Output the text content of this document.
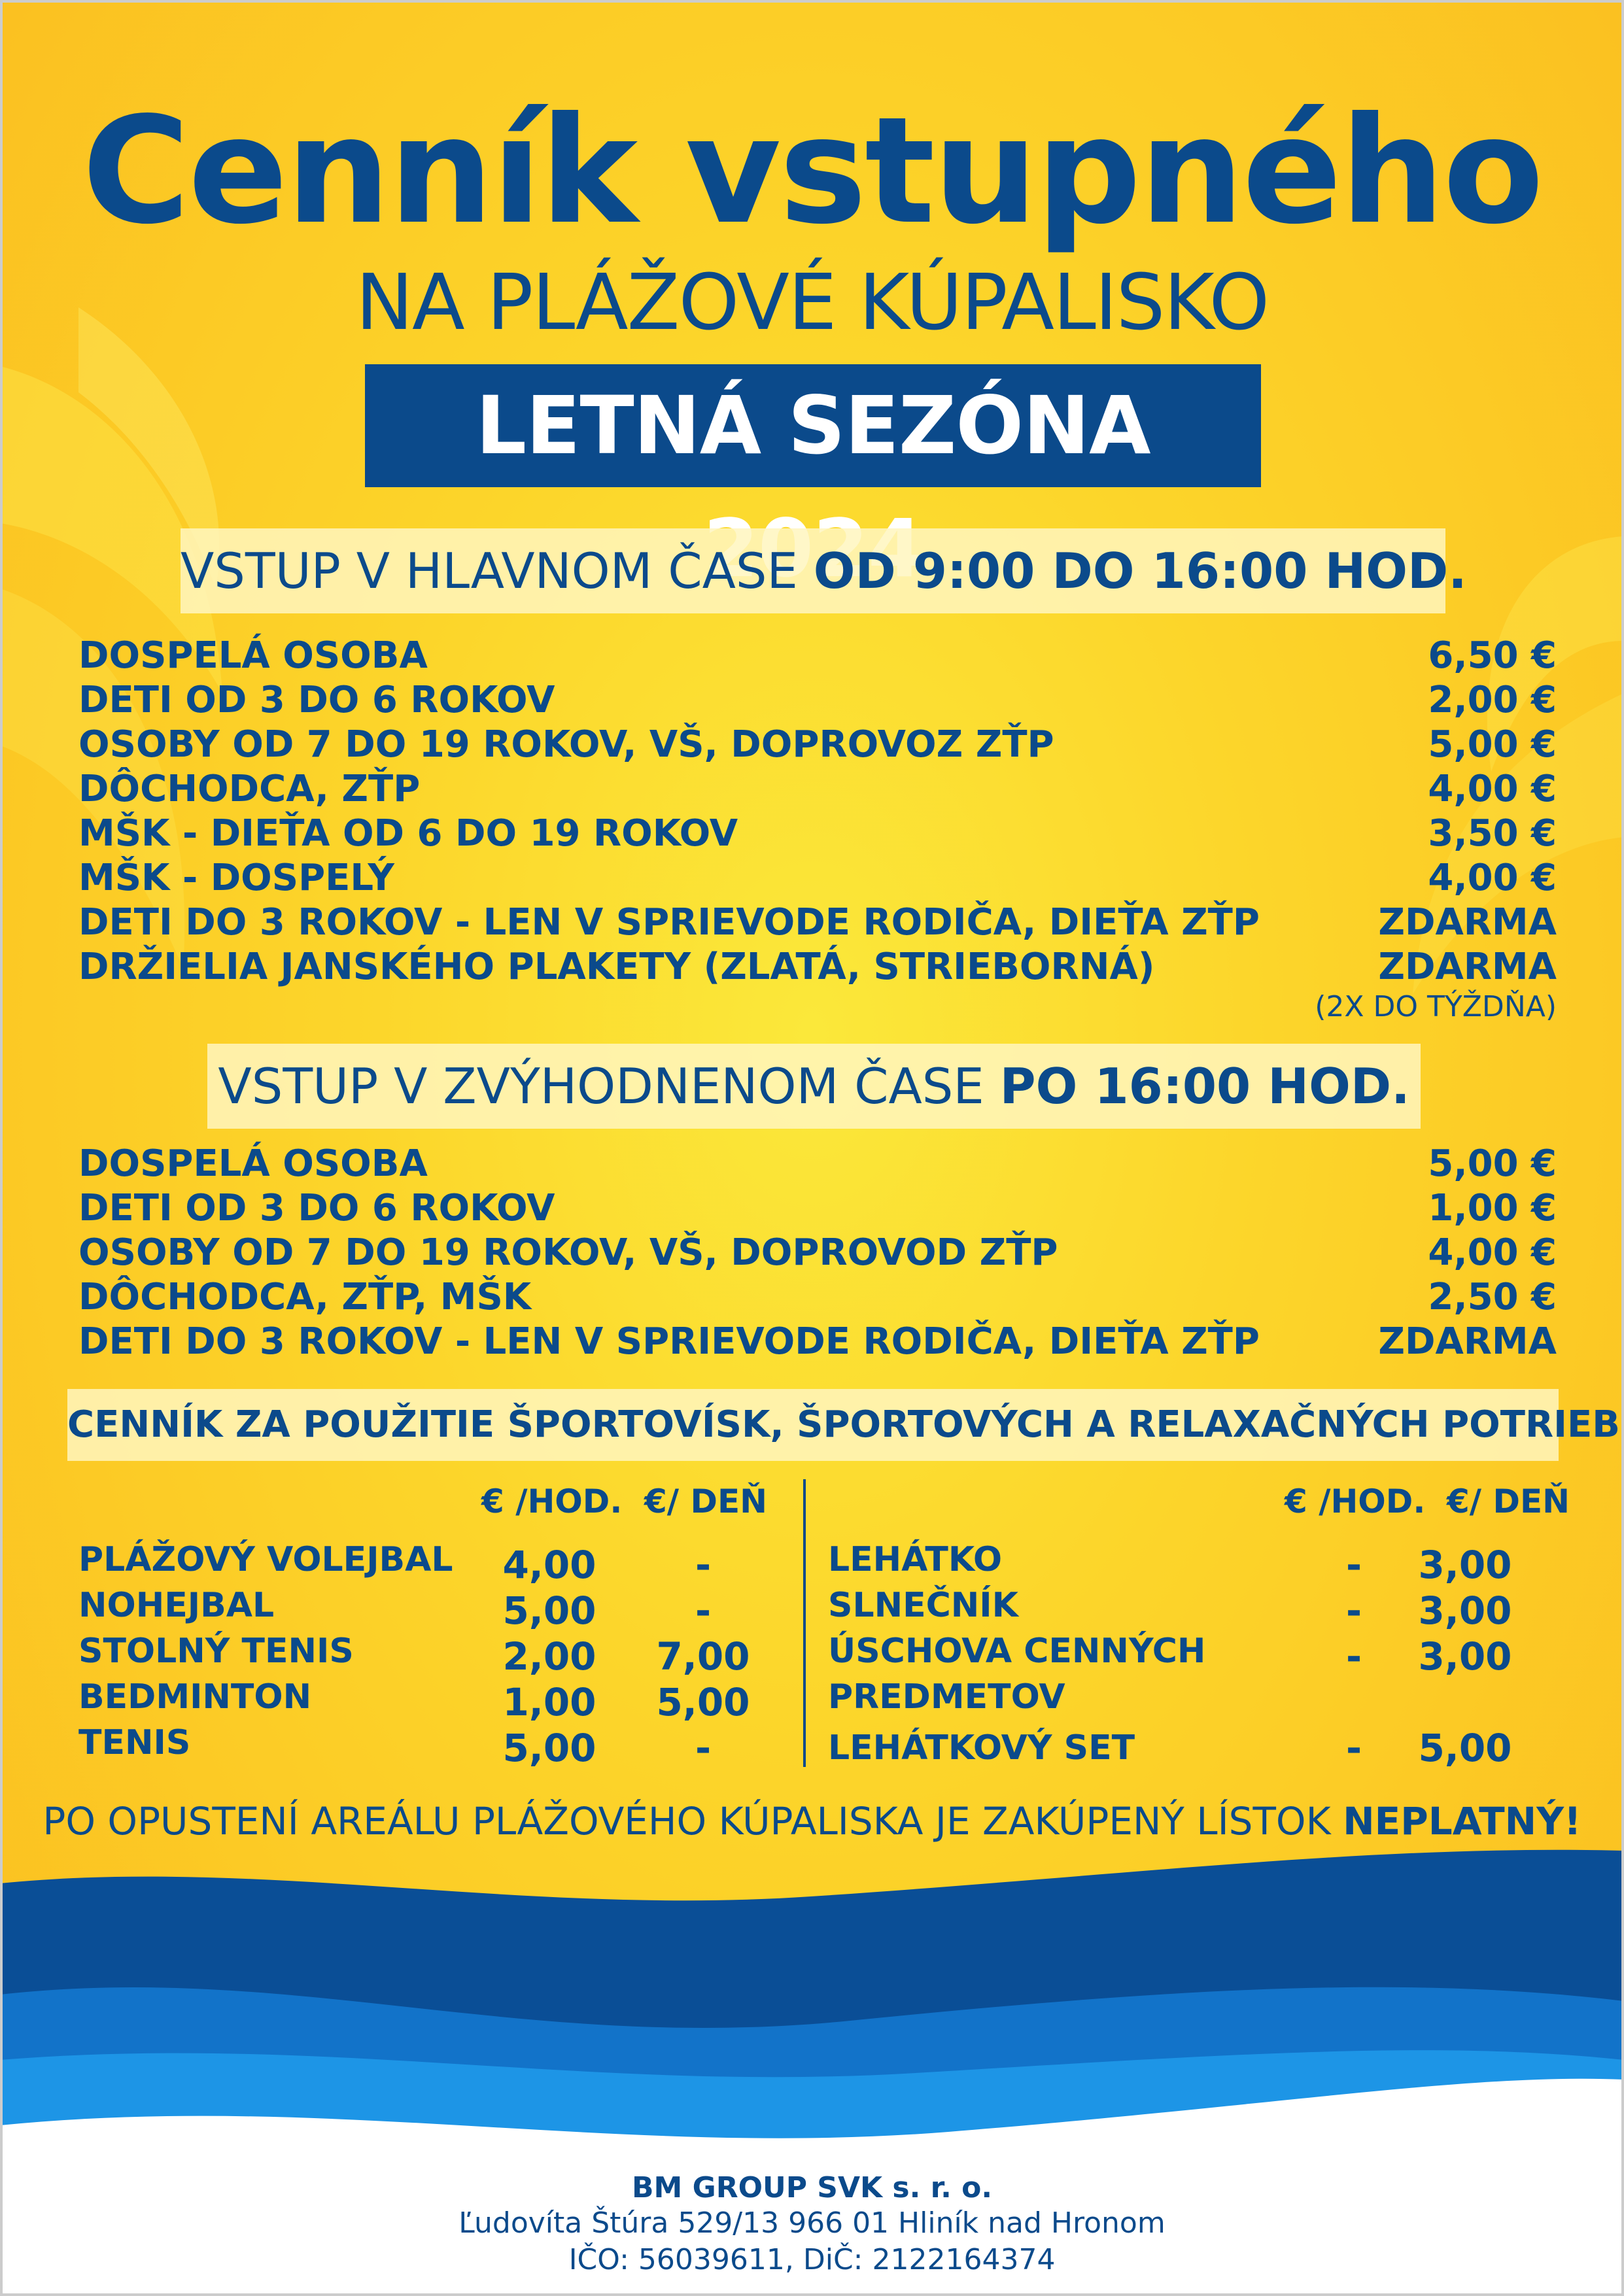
Cenník vstupného
NA PLÁŽOVÉ KÚPALISKO
LETNÁ SEZÓNA
VSTUP V HLAVNOM ČASE OD 9:00 DO 16:00 HOD.
DOSPELÁ OSOBA	6,50 €
DETI OD 3 DO 6 ROKOV	2,00 €
OSOBY OD 7 DO 19 ROKOV, VŠ, DOPROVOZ ZŤP	5,00 €
DÔCHODCA, ZŤP	4,00 €
MŠK - DIEŤA OD 6 DO 19 ROKOV	3,50 €
MŠK - DOSPELÝ	4,00 €
DETI DO 3 ROKOV - LEN V SPRIEVODE RODIČA, DIEŤA ZŤP	ZDARMA
DRŽIELIA JANSKÉHO PLAKETY (ZLATÁ, STRIEBORNÁ)	ZDARMA
(2X DO TÝŽDŇA)
VSTUP V ZVÝHODNENOM ČASE PO 16:00 HOD.
DOSPELÁ OSOBA	5,00 €
DETI OD 3 DO 6 ROKOV	1,00 €
OSOBY OD 7 DO 19 ROKOV, VŠ, DOPROVOD ZŤP	4,00 €
DÔCHODCA, ZŤP, MŠK	2,50 €
DETI DO 3 ROKOV - LEN V SPRIEVODE RODIČA, DIEŤA ZŤP	ZDARMA
CENNÍK ZA POUŽITIE ŠPORTOVÍSK, ŠPORTOVÝCH A RELAXAČNÝCH POTRIEB
€ /HOD. €/ DEŇ	€ /HOD. €/ DEŇ
PLÁŽOVÝ VOLEJBAL	4,00	-
NOHEJBAL	5,00	-
STOLNÝ TENIS	2,00	7,00
BEDMINTON	1,00	5,00
TENIS	5,00	-
LEHÁTKO	-	3,00
SLNEČNÍK	-	3,00
ÚSCHOVA CENNÝCH	-	3,00
PREDMETOV
LEHÁTKOVÝ SET	-	5,00
PO OPUSTENÍ AREÁLU PLÁŽOVÉHO KÚPALISKA JE ZAKÚPENÝ LÍSTOK NEPLATNÝ!
BM GROUP SVK s. r. o.
Ľudovíta Štúra 529/13 966 01 Hliník nad Hronom
IČO: 56039611, DiČ: 2122164374
